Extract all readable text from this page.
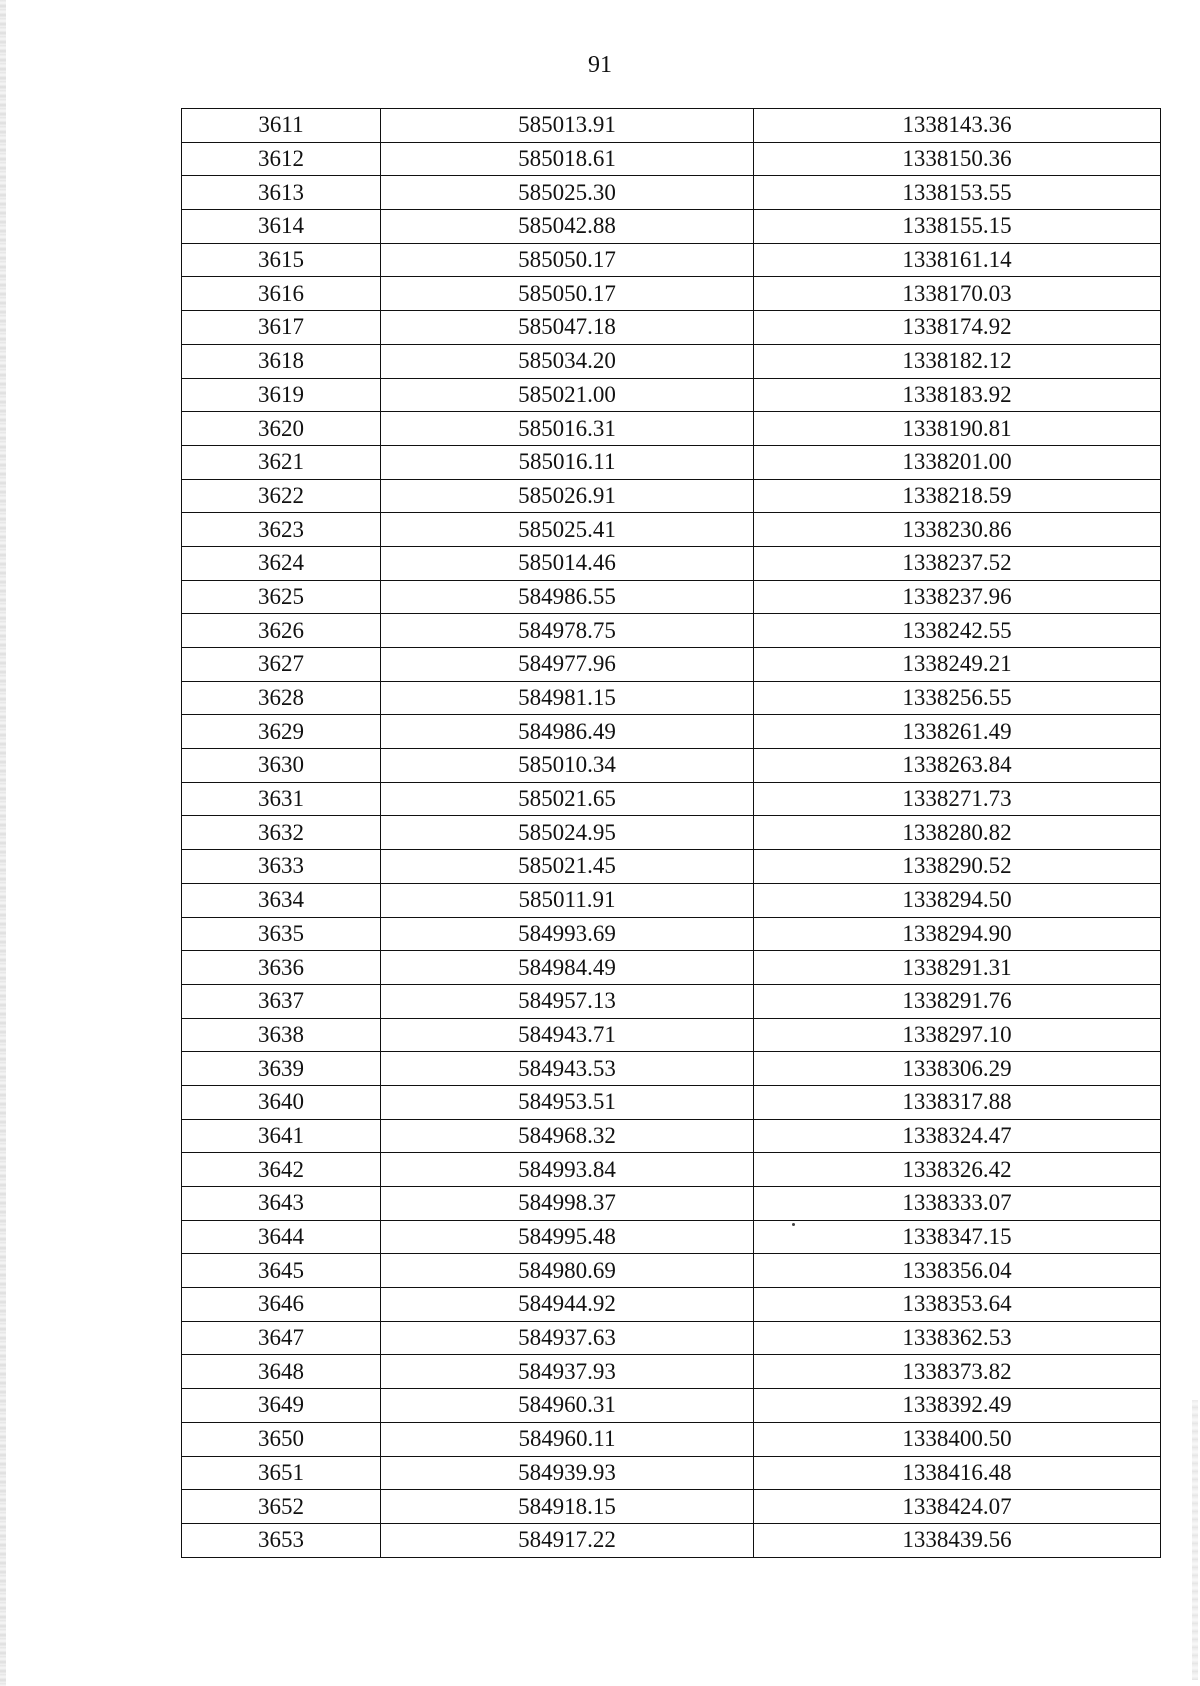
91
3611	585013.91	1338143.36
3612	585018.61	1338150.36
3613	585025.30	1338153.55
3614	585042.88	1338155.15
3615	585050.17	1338161.14
3616	585050.17	1338170.03
3617	585047.18	1338174.92
3618	585034.20	1338182.12
3619	585021.00	1338183.92
3620	585016.31	1338190.81
3621	585016.11	1338201.00
3622	585026.91	1338218.59
3623	585025.41	1338230.86
3624	585014.46	1338237.52
3625	584986.55	1338237.96
3626	584978.75	1338242.55
3627	584977.96	1338249.21
3628	584981.15	1338256.55
3629	584986.49	1338261.49
3630	585010.34	1338263.84
3631	585021.65	1338271.73
3632	585024.95	1338280.82
3633	585021.45	1338290.52
3634	585011.91	1338294.50
3635	584993.69	1338294.90
3636	584984.49	1338291.31
3637	584957.13	1338291.76
3638	584943.71	1338297.10
3639	584943.53	1338306.29
3640	584953.51	1338317.88
3641	584968.32	1338324.47
3642	584993.84	1338326.42
3643	584998.37	1338333.07
3644	584995.48	1338347.15
3645	584980.69	1338356.04
3646	584944.92	1338353.64
3647	584937.63	1338362.53
3648	584937.93	1338373.82
3649	584960.31	1338392.49
3650	584960.11	1338400.50
3651	584939.93	1338416.48
3652	584918.15	1338424.07
3653	584917.22	1338439.56
